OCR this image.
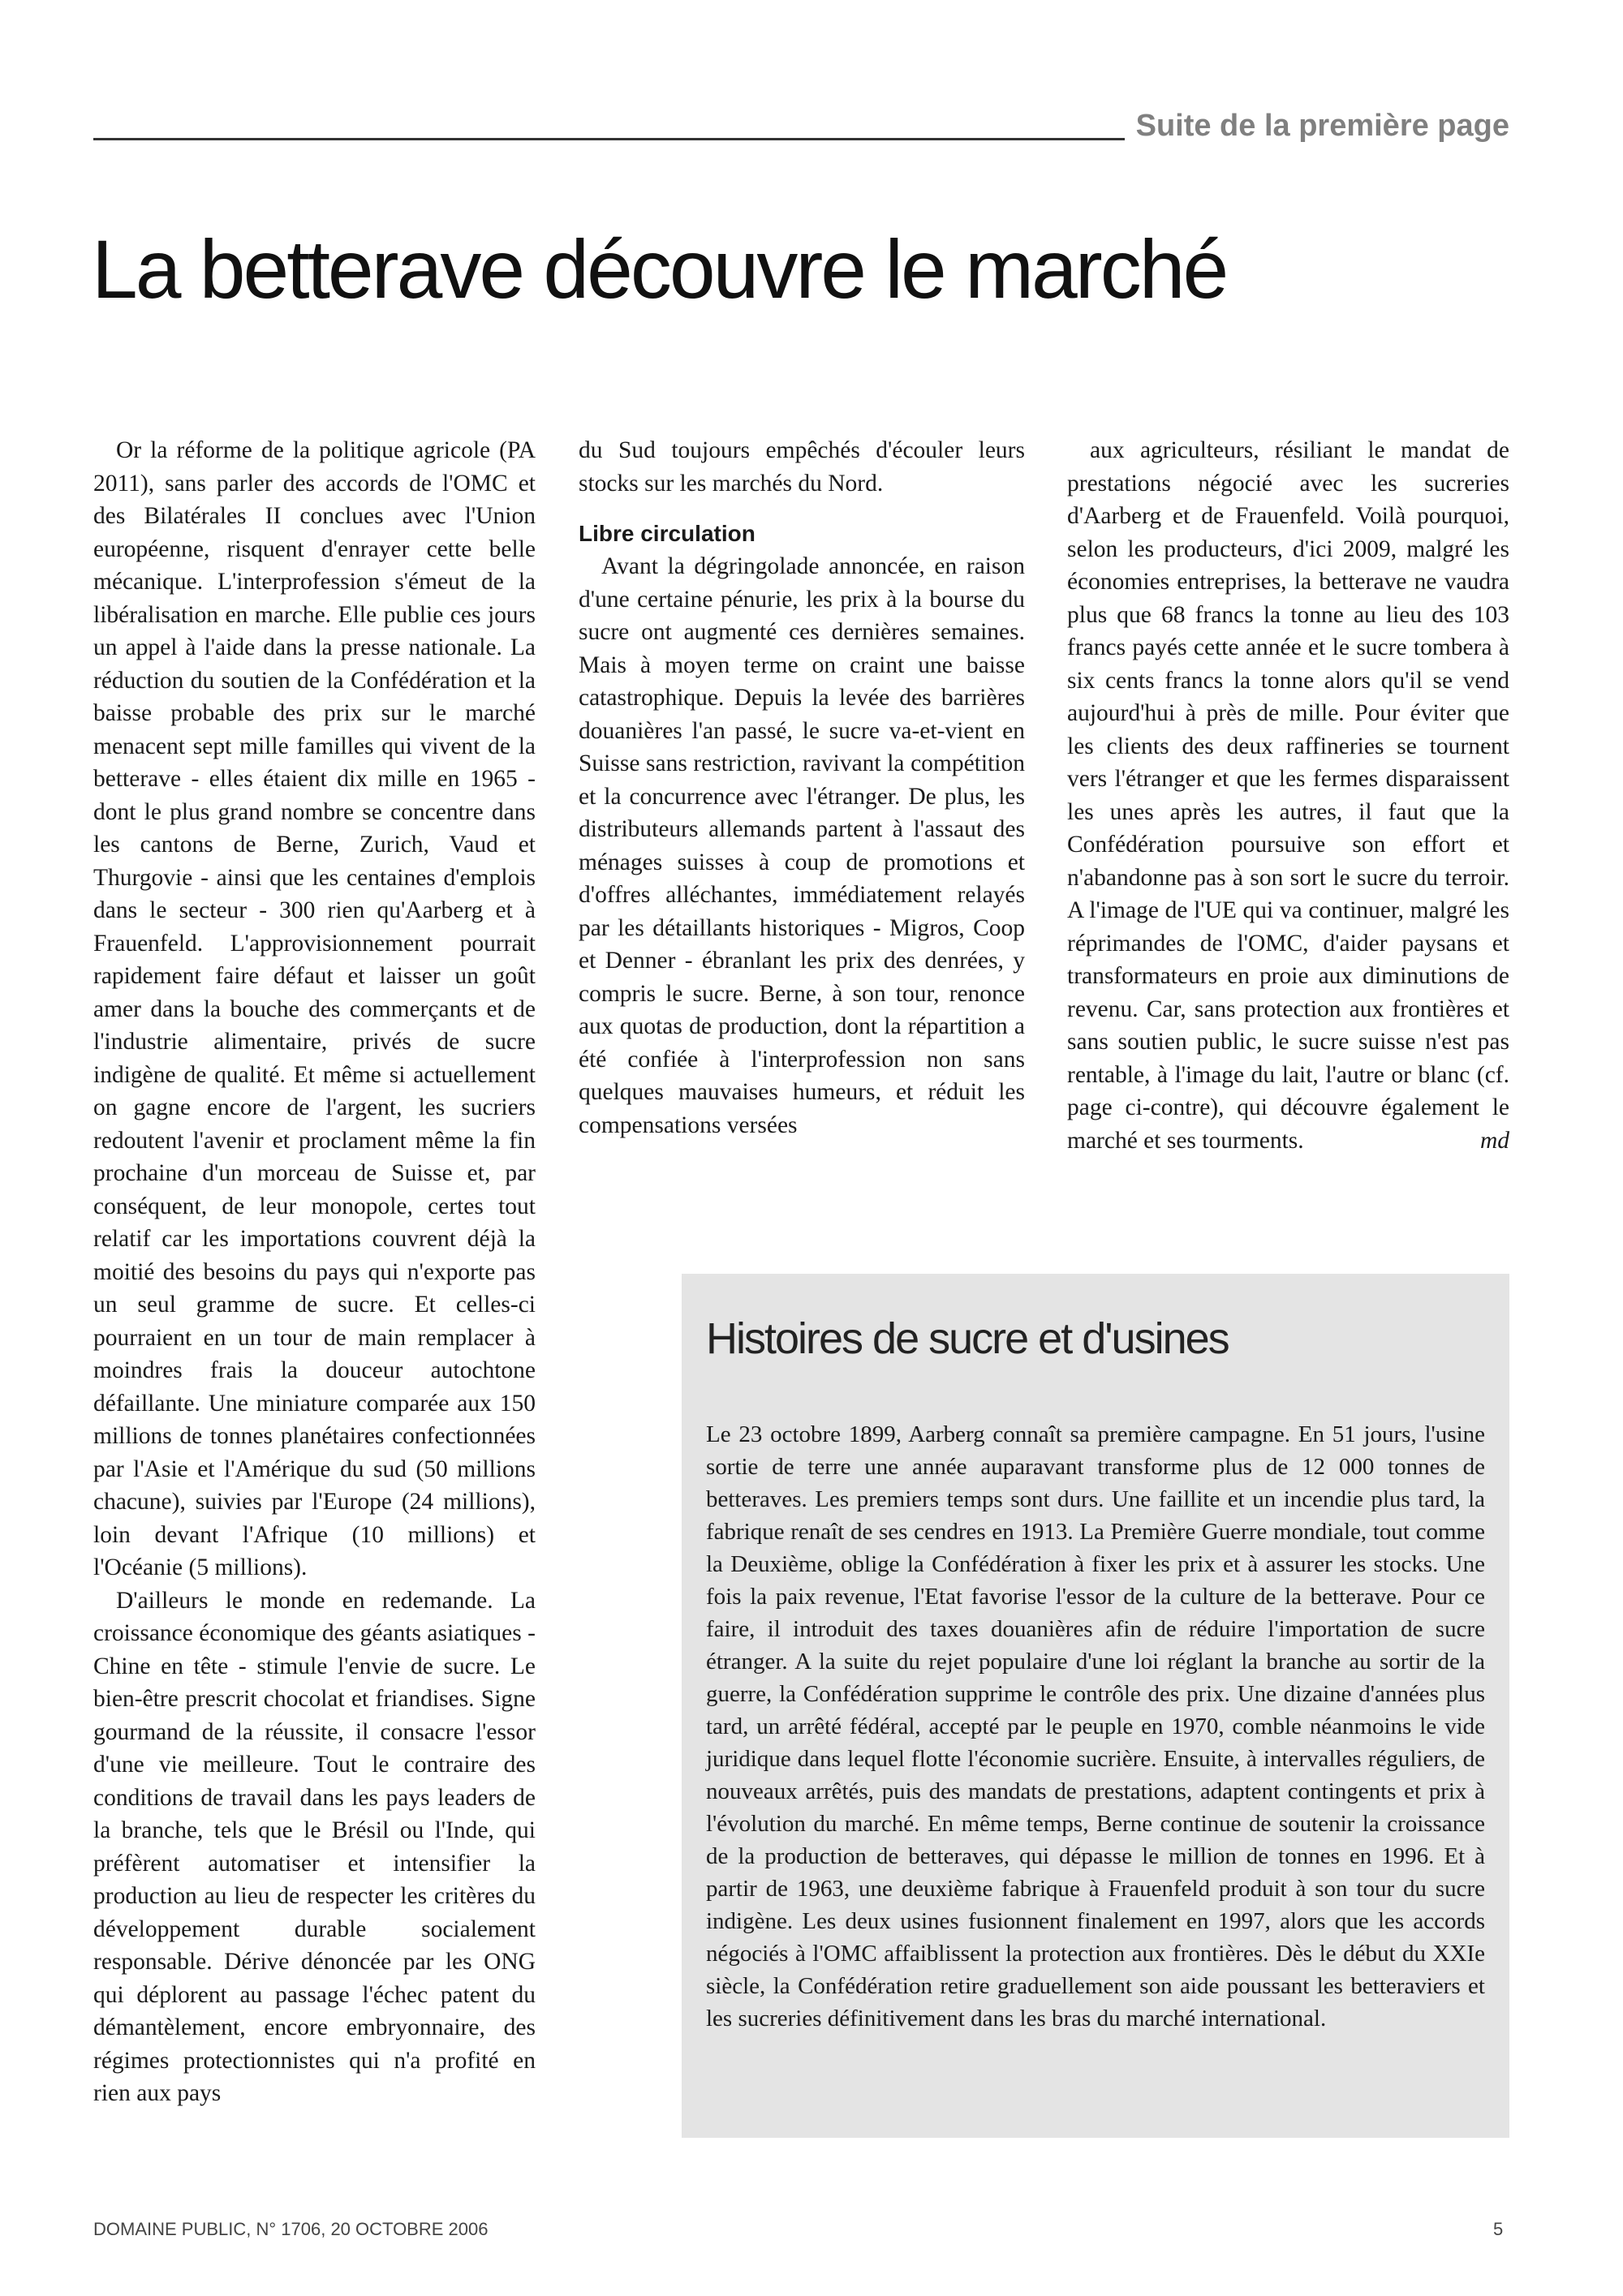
Suite de la première page
La betterave découvre le marché

Or la réforme de la politique agricole (PA 2011), sans parler des accords de l'OMC et des Bilatérales II conclues avec l'Union européenne, risquent d'enrayer cette belle mécanique. L'interprofession s'émeut de la libéralisation en marche. Elle publie ces jours un appel à l'aide dans la presse nationale. La réduction du soutien de la Confédération et la baisse probable des prix sur le marché menacent sept mille familles qui vivent de la betterave - elles étaient dix mille en 1965 - dont le plus grand nombre se concentre dans les cantons de Berne, Zurich, Vaud et Thurgovie - ainsi que les centaines d'emplois dans le secteur - 300 rien qu'Aarberg et à Frauenfeld. L'approvisionnement pourrait rapidement faire défaut et laisser un goût amer dans la bouche des commerçants et de l'industrie alimentaire, privés de sucre indigène de qualité. Et même si actuellement on gagne encore de l'argent, les sucriers redoutent l'avenir et proclament même la fin prochaine d'un morceau de Suisse et, par conséquent, de leur monopole, certes tout relatif car les importations couvrent déjà la moitié des besoins du pays qui n'exporte pas un seul gramme de sucre. Et celles-ci pourraient en un tour de main remplacer à moindres frais la douceur autochtone défaillante. Une miniature comparée aux 150 millions de tonnes planétaires confectionnées par l'Asie et l'Amérique du sud (50 millions chacune), suivies par l'Europe (24 millions), loin devant l'Afrique (10 millions) et l'Océanie (5 millions).

D'ailleurs le monde en redemande. La croissance économique des géants asiatiques - Chine en tête - stimule l'envie de sucre. Le bien-être prescrit chocolat et friandises. Signe gourmand de la réussite, il consacre l'essor d'une vie meilleure. Tout le contraire des conditions de travail dans les pays leaders de la branche, tels que le Brésil ou l'Inde, qui préfèrent automatiser et intensifier la production au lieu de respecter les critères du développement durable socialement responsable. Dérive dénoncée par les ONG qui déplorent au passage l'échec patent du démantèlement, encore embryonnaire, des régimes protectionnistes qui n'a profité en rien aux pays

du Sud toujours empêchés d'écouler leurs stocks sur les marchés du Nord.

Libre circulation

Avant la dégringolade annoncée, en raison d'une certaine pénurie, les prix à la bourse du sucre ont augmenté ces dernières semaines. Mais à moyen terme on craint une baisse catastrophique. Depuis la levée des barrières douanières l'an passé, le sucre va-et-vient en Suisse sans restriction, ravivant la compétition et la concurrence avec l'étranger. De plus, les distributeurs allemands partent à l'assaut des ménages suisses à coup de promotions et d'offres alléchantes, immédiatement relayés par les détaillants historiques - Migros, Coop et Denner - ébranlant les prix des denrées, y compris le sucre. Berne, à son tour, renonce aux quotas de production, dont la répartition a été confiée à l'interprofession non sans quelques mauvaises humeurs, et réduit les compensations versées

aux agriculteurs, résiliant le mandat de prestations négocié avec les sucreries d'Aarberg et de Frauenfeld. Voilà pourquoi, selon les producteurs, d'ici 2009, malgré les économies entreprises, la betterave ne vaudra plus que 68 francs la tonne au lieu des 103 francs payés cette année et le sucre tombera à six cents francs la tonne alors qu'il se vend aujourd'hui à près de mille. Pour éviter que les clients des deux raffineries se tournent vers l'étranger et que les fermes disparaissent les unes après les autres, il faut que la Confédération poursuive son effort et n'abandonne pas à son sort le sucre du terroir. A l'image de l'UE qui va continuer, malgré les réprimandes de l'OMC, d'aider paysans et transformateurs en proie aux diminutions de revenu. Car, sans protection aux frontières et sans soutien public, le sucre suisse n'est pas rentable, à l'image du lait, l'autre or blanc (cf. page ci-contre), qui découvre également le marché et ses tourments.	md

Histoires de sucre et d'usines

Le 23 octobre 1899, Aarberg connaît sa première campagne. En 51 jours, l'usine sortie de terre une année auparavant transforme plus de 12 000 tonnes de betteraves. Les premiers temps sont durs. Une faillite et un incendie plus tard, la fabrique renaît de ses cendres en 1913. La Première Guerre mondiale, tout comme la Deuxième, oblige la Confédération à fixer les prix et à assurer les stocks. Une fois la paix revenue, l'Etat favorise l'essor de la culture de la betterave. Pour ce faire, il introduit des taxes douanières afin de réduire l'importation de sucre étranger. A la suite du rejet populaire d'une loi réglant la branche au sortir de la guerre, la Confédération supprime le contrôle des prix. Une dizaine d'années plus tard, un arrêté fédéral, accepté par le peuple en 1970, comble néanmoins le vide juridique dans lequel flotte l'économie sucrière. Ensuite, à intervalles réguliers, de nouveaux arrêtés, puis des mandats de prestations, adaptent contingents et prix à l'évolution du marché. En même temps, Berne continue de soutenir la croissance de la production de betteraves, qui dépasse le million de tonnes en 1996. Et à partir de 1963, une deuxième fabrique à Frauenfeld produit à son tour du sucre indigène. Les deux usines fusionnent finalement en 1997, alors que les accords négociés à l'OMC affaiblissent la protection aux frontières. Dès le début du XXIe siècle, la Confédération retire graduellement son aide poussant les betteraviers et les sucreries définitivement dans les bras du marché international.

DOMAINE PUBLIC, N° 1706, 20 OCTOBRE 2006	5
